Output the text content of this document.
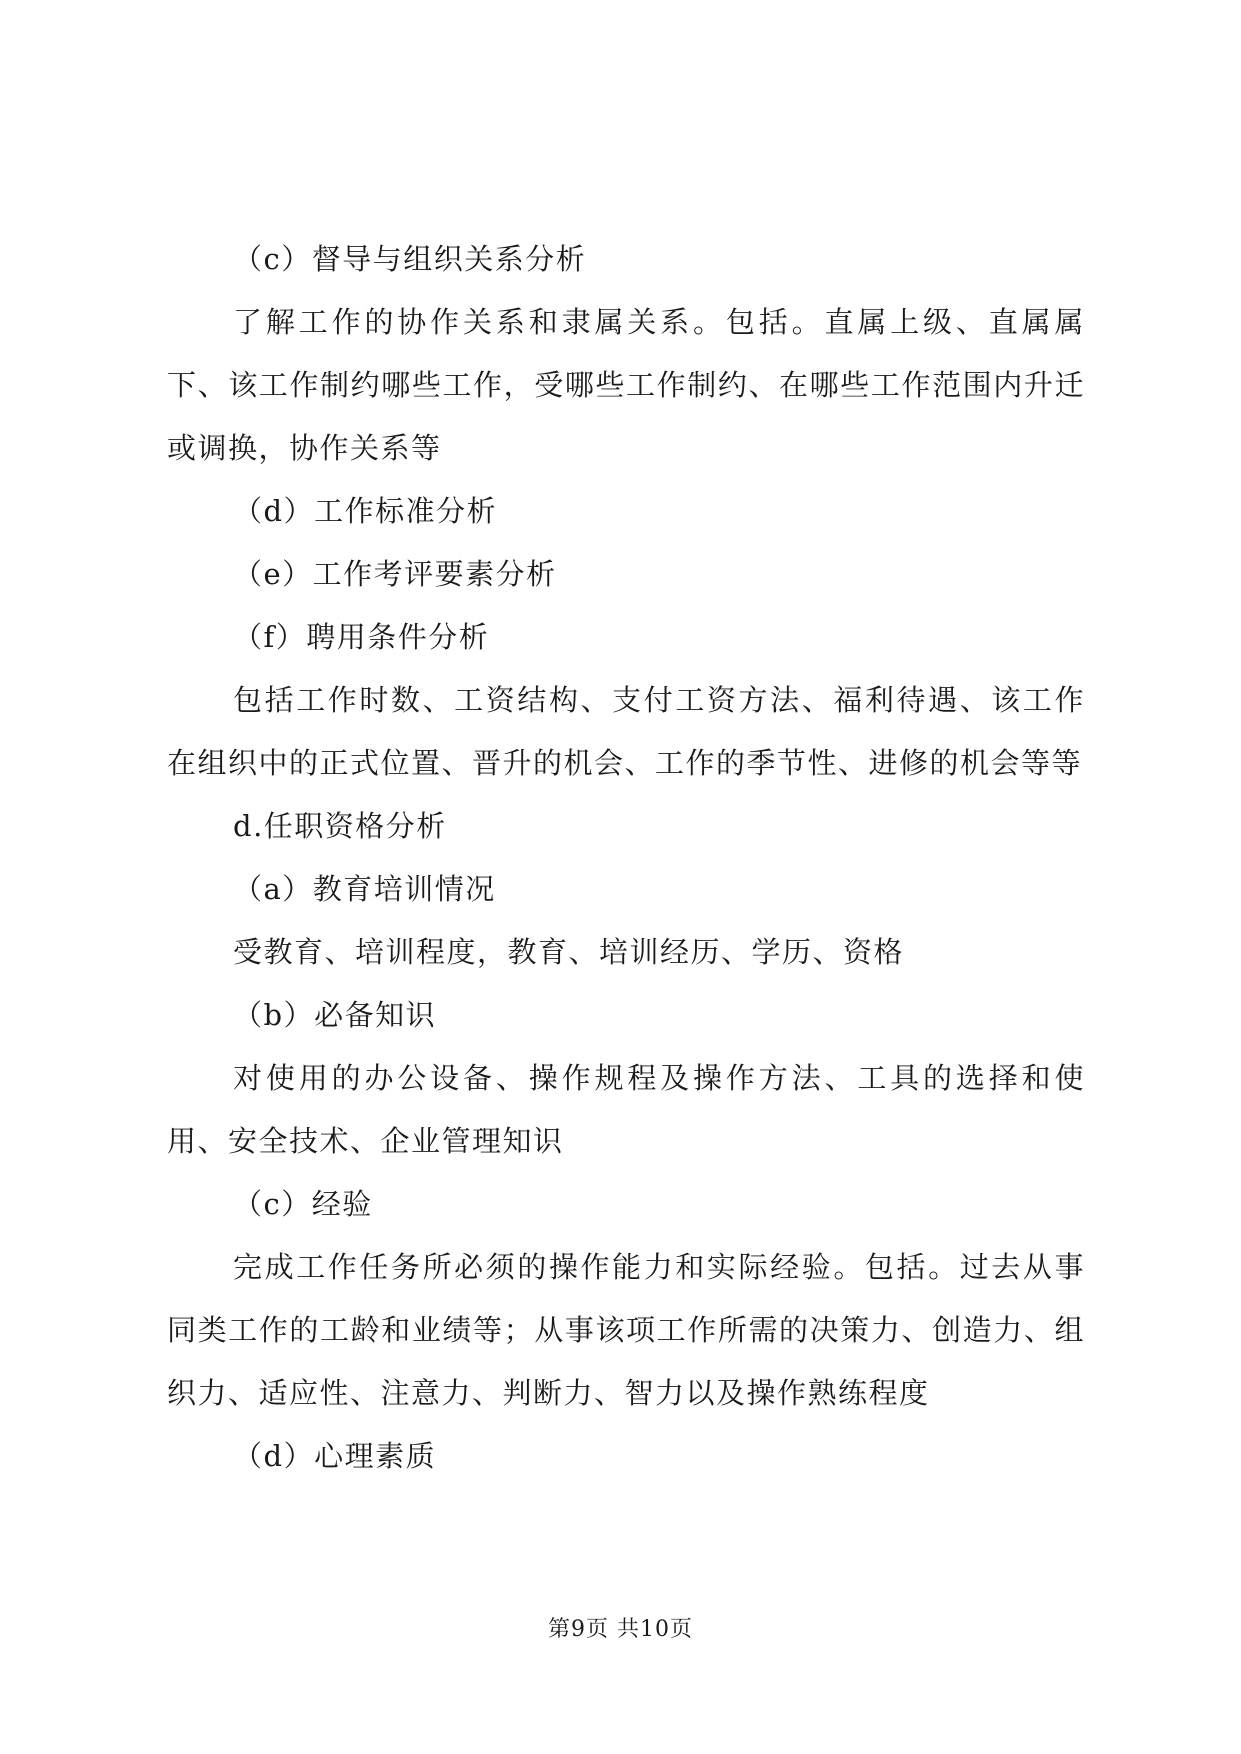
（c）督导与组织关系分析

了解工作的协作关系和隶属关系。包括。直属上级、直属属下、该工作制约哪些工作，受哪些工作制约、在哪些工作范围内升迁或调换，协作关系等

（d）工作标准分析

（e）工作考评要素分析

（f）聘用条件分析

包括工作时数、工资结构、支付工资方法、福利待遇、该工作在组织中的正式位置、晋升的机会、工作的季节性、进修的机会等等

d.任职资格分析

（a）教育培训情况

受教育、培训程度，教育、培训经历、学历、资格

（b）必备知识

对使用的办公设备、操作规程及操作方法、工具的选择和使用、安全技术、企业管理知识

（c）经验

完成工作任务所必须的操作能力和实际经验。包括。过去从事同类工作的工龄和业绩等；从事该项工作所需的决策力、创造力、组织力、适应性、注意力、判断力、智力以及操作熟练程度

（d）心理素质

第9页 共10页
